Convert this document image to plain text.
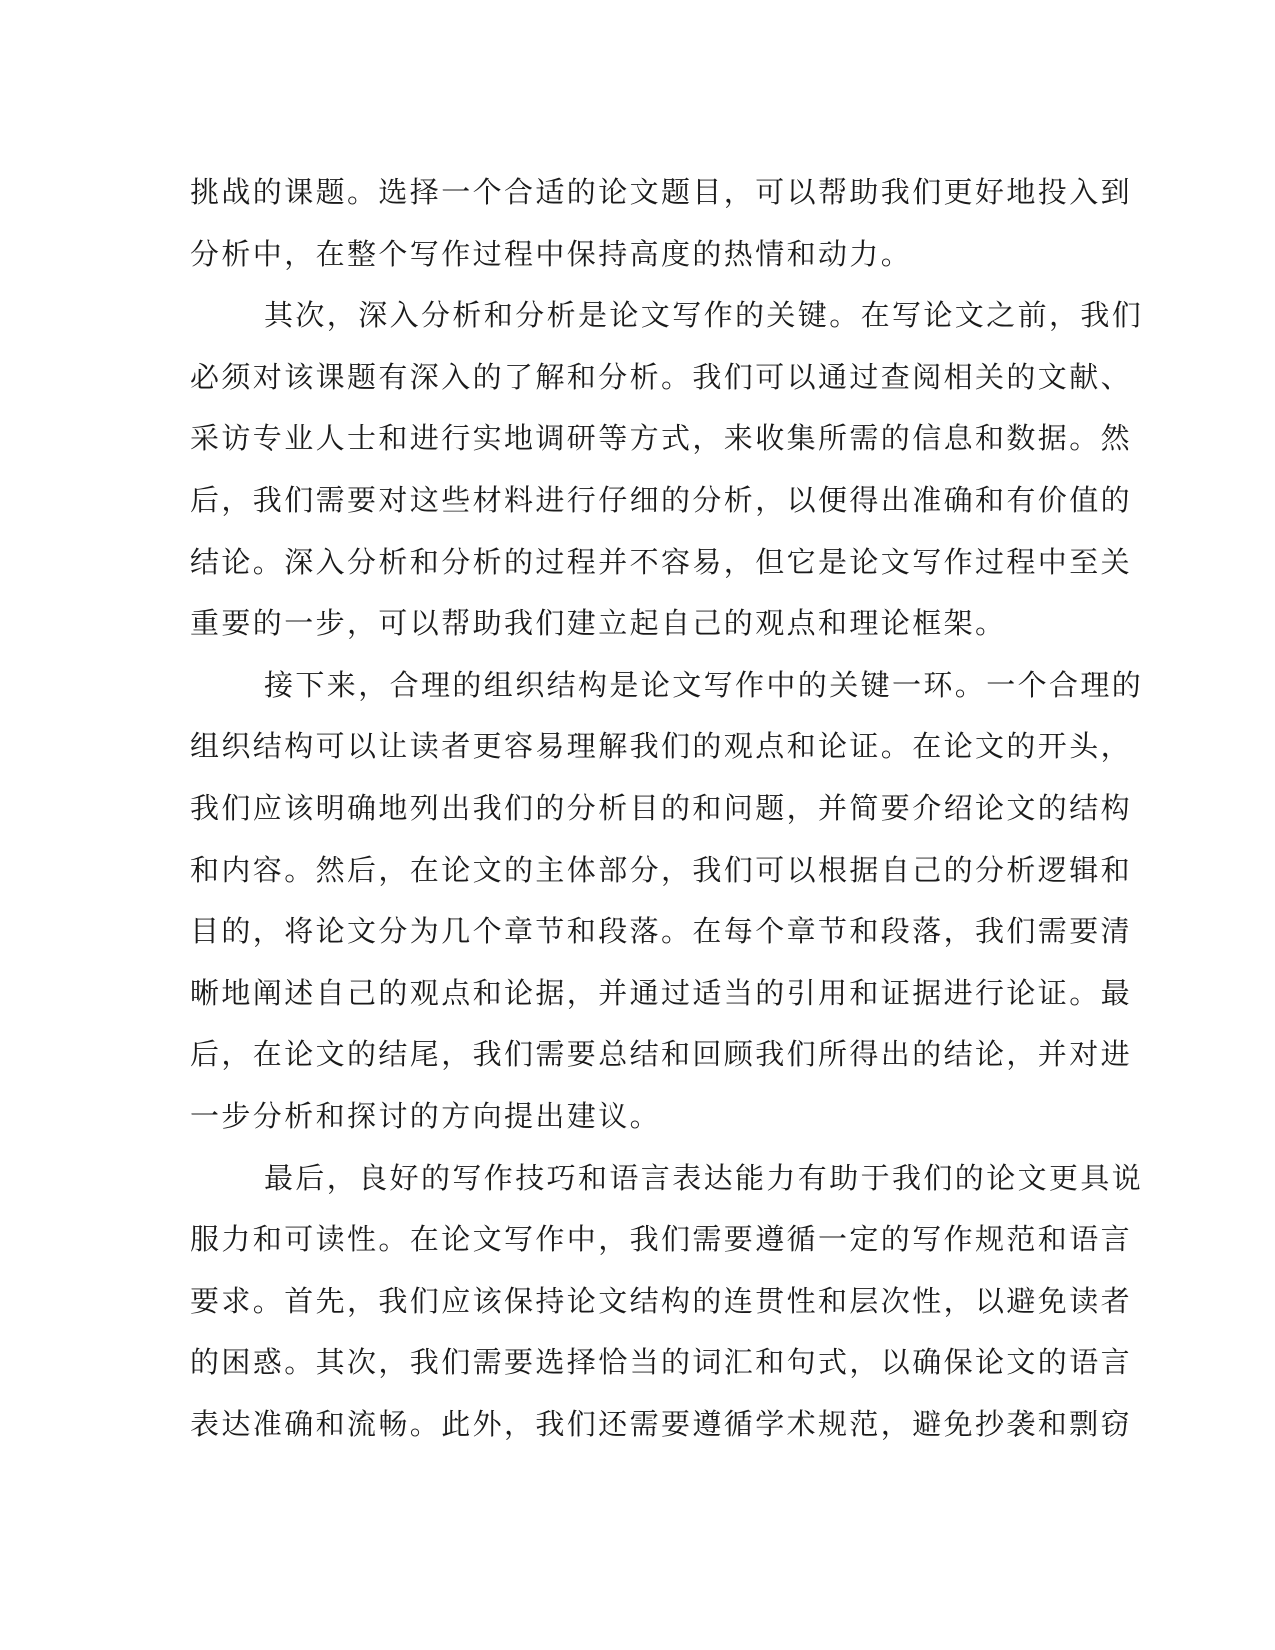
挑战的课题。选择一个合适的论文题目，可以帮助我们更好地投入到
分析中，在整个写作过程中保持高度的热情和动力。
其次，深入分析和分析是论文写作的关键。在写论文之前，我们
必须对该课题有深入的了解和分析。我们可以通过查阅相关的文献、
采访专业人士和进行实地调研等方式，来收集所需的信息和数据。然
后，我们需要对这些材料进行仔细的分析，以便得出准确和有价值的
结论。深入分析和分析的过程并不容易，但它是论文写作过程中至关
重要的一步，可以帮助我们建立起自己的观点和理论框架。
接下来，合理的组织结构是论文写作中的关键一环。一个合理的
组织结构可以让读者更容易理解我们的观点和论证。在论文的开头，
我们应该明确地列出我们的分析目的和问题，并简要介绍论文的结构
和内容。然后，在论文的主体部分，我们可以根据自己的分析逻辑和
目的，将论文分为几个章节和段落。在每个章节和段落，我们需要清
晰地阐述自己的观点和论据，并通过适当的引用和证据进行论证。最
后，在论文的结尾，我们需要总结和回顾我们所得出的结论，并对进
一步分析和探讨的方向提出建议。
最后，良好的写作技巧和语言表达能力有助于我们的论文更具说
服力和可读性。在论文写作中，我们需要遵循一定的写作规范和语言
要求。首先，我们应该保持论文结构的连贯性和层次性，以避免读者
的困惑。其次，我们需要选择恰当的词汇和句式，以确保论文的语言
表达准确和流畅。此外，我们还需要遵循学术规范，避免抄袭和剽窃
